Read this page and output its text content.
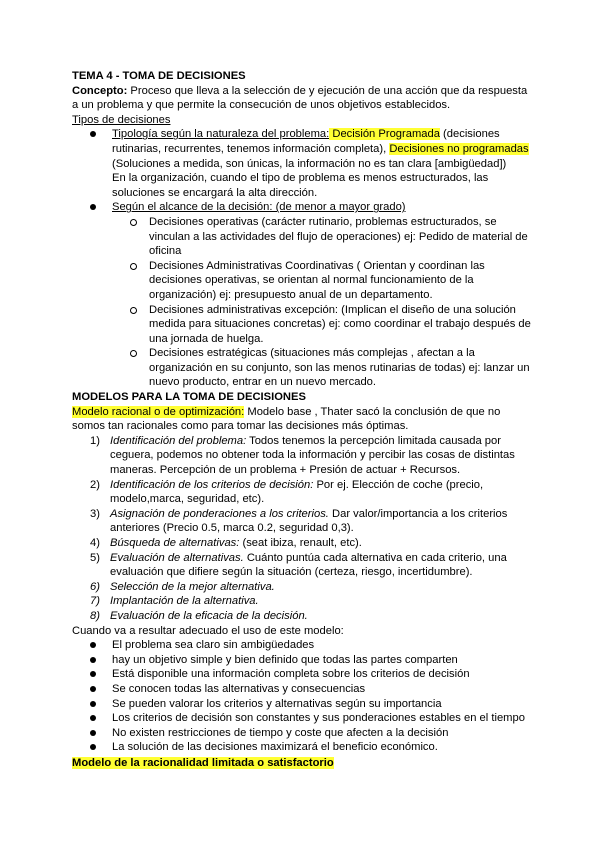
TEMA 4 - TOMA DE DECISIONES
Concepto: Proceso que lleva a la selección de y ejecución de una acción que da respuesta
a un problema y que permite la consecución de unos objetivos establecidos.
Tipos de decisiones
Tipología según la naturaleza del problema: Decisión Programada (decisiones
rutinarias, recurrentes, tenemos información completa), Decisiones no programadas
(Soluciones a medida, son únicas, la información no es tan clara [ambigüedad])
En la organización, cuando el tipo de problema es menos estructurados, las
soluciones se encargará la alta dirección.
Según el alcance de la decisión: (de menor a mayor grado)
Decisiones operativas (carácter rutinario, problemas estructurados, se
vinculan a las actividades del flujo de operaciones) ej: Pedido de material de
oficina
Decisiones Administrativas Coordinativas ( Orientan y coordinan las
decisiones operativas, se orientan al normal funcionamiento de la
organización) ej: presupuesto anual de un departamento.
Decisiones administrativas excepción: (Implican el diseño de una solución
medida para situaciones concretas) ej: como coordinar el trabajo después de
una jornada de huelga.
Decisiones estratégicas (situaciones más complejas , afectan a la
organización en su conjunto, son las menos rutinarias de todas) ej: lanzar un
nuevo producto, entrar en un nuevo mercado.
MODELOS PARA LA TOMA DE DECISIONES
Modelo racional o de optimización: Modelo base , Thater sacó la conclusión de que no
somos tan racionales como para tomar las decisiones más óptimas.
1) Identificación del problema: Todos tenemos la percepción limitada causada por
ceguera, podemos no obtener toda la información y percibir las cosas de distintas
maneras. Percepción de un problema + Presión de actuar + Recursos.
2) Identificación de los criterios de decisión: Por ej. Elección de coche (precio,
modelo,marca, seguridad, etc).
3) Asignación de ponderaciones a los criterios. Dar valor/importancia a los criterios
anteriores (Precio 0.5, marca 0.2, seguridad 0,3).
4) Búsqueda de alternativas: (seat ibiza, renault, etc).
5) Evaluación de alternativas. Cuánto puntúa cada alternativa en cada criterio, una
evaluación que difiere según la situación (certeza, riesgo, incertidumbre).
6) Selección de la mejor alternativa.
7) Implantación de la alternativa.
8) Evaluación de la eficacia de la decisión.
Cuando va a resultar adecuado el uso de este modelo:
El problema sea claro sin ambigüedades
hay un objetivo simple y bien definido que todas las partes comparten
Está disponible una información completa sobre los criterios de decisión
Se conocen todas las alternativas y consecuencias
Se pueden valorar los criterios y alternativas según su importancia
Los criterios de decisión son constantes y sus ponderaciones estables en el tiempo
No existen restricciones de tiempo y coste que afecten a la decisión
La solución de las decisiones maximizará el beneficio económico.
Modelo de la racionalidad limitada o satisfactorio
